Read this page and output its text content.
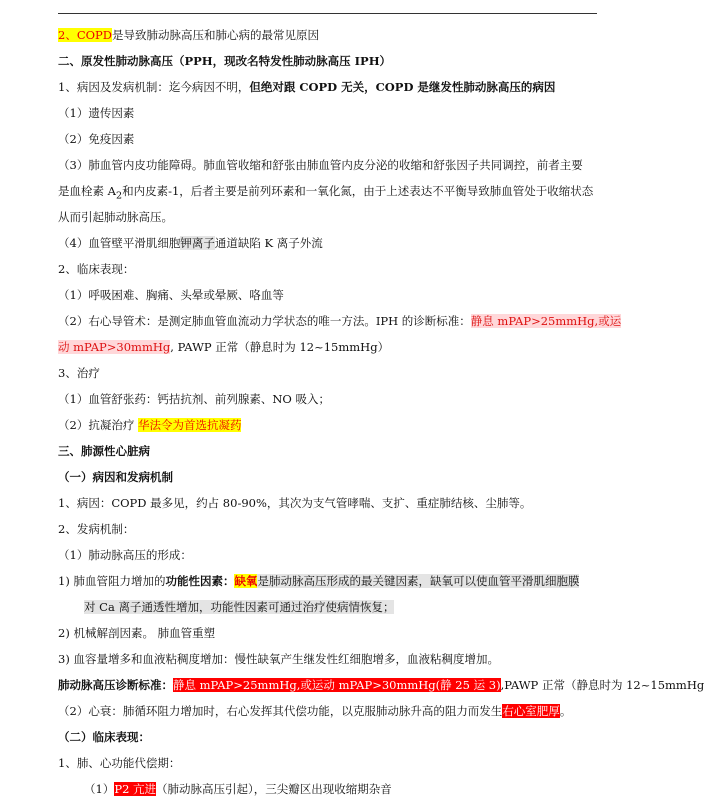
2、COPD是导致肺动脉高压和肺心病的最常见原因
二、原发性肺动脉高压（PPH，现改名特发性肺动脉高压 IPH）
1、病因及发病机制：迄今病因不明，但绝对跟 COPD 无关，COPD 是继发性肺动脉高压的病因
（1）遗传因素
（2）免疫因素
（3）肺血管内皮功能障碍。肺血管收缩和舒张由肺血管内皮分泌的收缩和舒张因子共同调控，前者主要
是血栓素 $A_2$和内皮素-1，后者主要是前列环素和一氧化氮，由于上述表达不平衡导致肺血管处于收缩状态
从而引起肺动脉高压。
（4）血管壁平滑肌细胞钾离子通道缺陷 K 离子外流
2、临床表现：
（1）呼吸困难、胸痛、头晕或晕厥、咯血等
（2）右心导管术：是测定肺血管血流动力学状态的唯一方法。IPH 的诊断标准：静息 mPAP>25mmHg,或运
动 mPAP>30mmHg, PAWP 正常（静息时为 12~15mmHg）
3、治疗
（1）血管舒张药：钙拮抗剂、前列腺素、NO 吸入；
（2）抗凝治疗 华法令为首选抗凝药
三、肺源性心脏病
（一）病因和发病机制
1、病因：COPD 最多见，约占 80-90%，其次为支气管哮喘、支扩、重症肺结核、尘肺等。
2、发病机制：
（1）肺动脉高压的形成：
1) 肺血管阻力增加的功能性因素：缺氧是肺动脉高压形成的最关键因素，缺氧可以使血管平滑肌细胞膜
对 Ca 离子通透性增加，功能性因素可通过治疗使病情恢复；
2) 机械解剖因素。 肺血管重塑
3) 血容量增多和血液粘稠度增加：慢性缺氧产生继发性红细胞增多，血液粘稠度增加。
肺动脉高压诊断标准：静息 mPAP>25mmHg,或运动 mPAP>30mmHg(静 25 运 3),PAWP 正常（静息时为 12~15mmHg
（2）心衰：肺循环阻力增加时，右心发挥其代偿功能，以克服肺动脉升高的阻力而发生右心室肥厚。
（二）临床表现：
1、肺、心功能代偿期：
（1）P2 亢进（肺动脉高压引起），三尖瓣区出现收缩期杂音
